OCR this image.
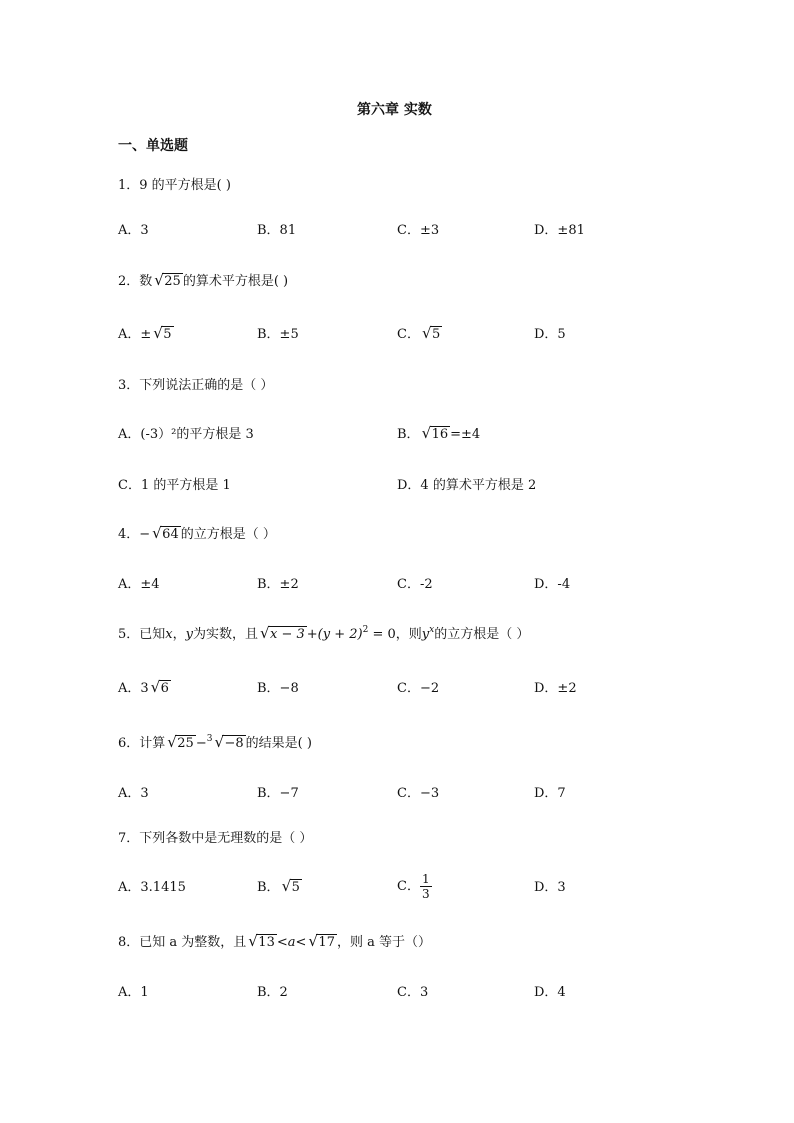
第六章 实数
一、单选题
1．9 的平方根是( )
A．3	B．81	C．±3	D．±81
2．数 √ 25 的算术平方根是( )
A．± √ 5	B．±5	C． √ 5	D．5
3．下列说法正确的是（ ）
A．(-3）²的平方根是 3	B． √ 16 =±4
C．1 的平方根是 1	D．4 的算术平方根是 2
4．− √ 64 的立方根是（ ）
A．±4	B．±2	C．-2	D．-4
5．已知x，y为实数，且 √ $x - 3 +(y + 2)^2 = 0$，则$y^x$的立方根是（ ）
A．3 √ 6	B．−8	C．−2	D．±2
6．计算 √ 25 −$^3$ √ −8 的结果是( )
A．3	B．−7	C．−3	D．7
7．下列各数中是无理数的是（ ）
A．3.1415	B． √ 5	C． $\frac{1}{3}$	D．3
8．已知 a 为整数，且 √ 13 <a< √ 17 ，则 a 等于（）
A．1	B．2	C．3	D．4
